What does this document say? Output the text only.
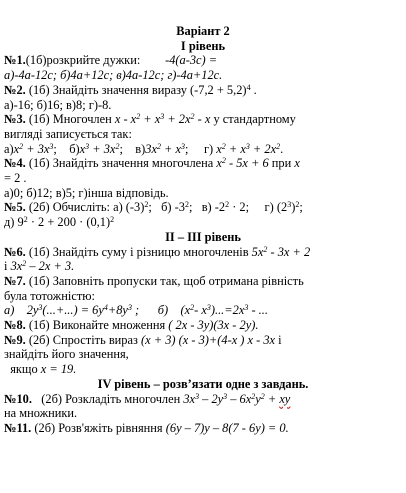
Варіант 2
І рівень
№1.(1б)розкрийте дужки: -4(а-3с) =
а)-4а-12с; б)4а+12с; в)4а-12с; г)-4а+12с.
№2. (1б) Знайдіть значення виразу $(-7,2 + 5,2)^4$ .
а)-16; б)16; в)8; г)-8.
№3. (1б) Многочлен $х - х^2 + х^3 + 2х^2 - х$ у стандартному
вигляді записується так:
$а)х^2 + 3х^3$;    $б)х^3 + 3х^2$;    $в)3х^2 + х^3$;     г) $х^2 + х^3 + 2х^2$.
№4. (1б) Знайдіть значення многочлена $х^2 - 5х + 6$ при х
= 2 .
а)0; б)12; в)5; г)інша відповідь.
№5. (2б) Обчисліть: а) $(-3)^2$;   б) $-3^2$;   в) $-2^2 \cdot 2$;     г) $(2^3)^2$;
д) $9^2 \cdot 2 + 200 \cdot (0,1)^2$
ІІ – ІІІ рівень
№6. (1б) Знайдіть суму і різницю многочленів $5х^2 - 3х + 2$
і $3х^2 - 2х + 3$.
№7. (1б) Заповніть пропуски так, щоб отримана рівність
була тотожністю:
а)    $2у^3(...+...) = 6у^4+8у^3$ ;      б)    ($х^2-$ $х^3)...=2х^3$ - ...
№8. (1б) Виконайте множення ( 2х - 3у)(3х - 2у).
№9. (2б) Спростіть вираз (х + 3) (х - 3)+(4-х ) х - 3х і
знайдіть його значення,
якщо х = 19.
ІV рівень – розв’язати одне з завдань.
№10. (2б) Розкладіть многочлен $3х^3 - 2у^3 - 6х^2у^2$ + ху
на множники.
№11. (2б) Розв'яжіть рівняння (6у – 7)у – 8(7 - 6у) = 0.
